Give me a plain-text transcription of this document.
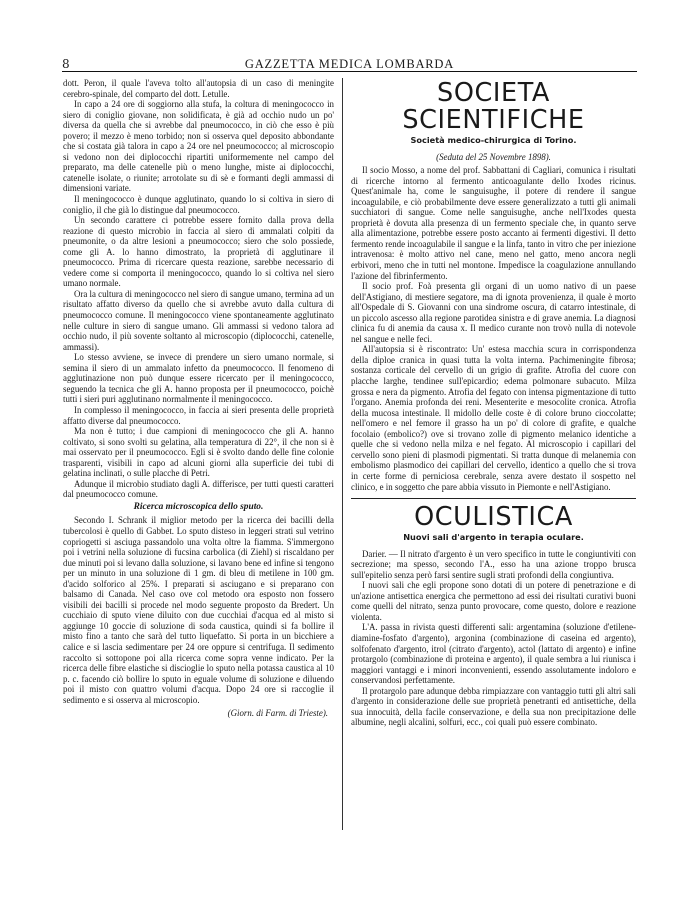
8	GAZZETTA MEDICA LOMBARDA

dott. Peron, il quale l'aveva tolto all'autopsia di un caso di meningite cerebro-spinale, del comparto del dott. Letulle.

In capo a 24 ore di soggiorno alla stufa, la coltura di meningococco in siero di coniglio giovane, non solidificata, è già ad occhio nudo un po' diversa da quella che si avrebbe dal pneumococco, in ciò che esso è più povero; il mezzo è meno torbido; non si osserva quel deposito abbondante che si costata già talora in capo a 24 ore nel pneumococco; al microscopio si vedono non dei diplococchi ripartiti uniformemente nel campo del preparato, ma delle catenelle più o meno lunghe, miste ai diplococchi, catenelle isolate, o riunite; arrotolate su di sè e formanti degli ammassi di dimensioni variate.

Il meningococco è dunque agglutinato, quando lo si coltiva in siero di coniglio, il che già lo distingue dal pneumococco.

Un secondo carattere ci potrebbe essere fornito dalla prova della reazione di questo microbio in faccia al siero di ammalati colpiti da pneumonite, o da altre lesioni a pneumococco; siero che solo possiede, come gli A. lo hanno dimostrato, la proprietà di agglutinare il pneumococco. Prima di ricercare questa reazione, sarebbe necessario di vedere come si comporta il meningococco, quando lo si coltiva nel siero umano normale.

Ora la cultura di meningococco nel siero di sangue umano, termina ad un risultato affatto diverso da quello che si avrebbe avuto dalla cultura di pneumococco comune. Il meningococco viene spontaneamente agglutinato nelle culture in siero di sangue umano. Gli ammassi si vedono talora ad occhio nudo, il più sovente soltanto al microscopio (diplococchi, catenelle, ammassi).

Lo stesso avviene, se invece di prendere un siero umano normale, si semina il siero di un ammalato infetto da pneumococco. Il fenomeno di agglutinazione non può dunque essere ricercato per il meningococco, seguendo la tecnica che gli A. hanno proposta per il pneumococco, poichè tutti i sieri puri agglutinano normalmente il meningococco.

In complesso il meningococco, in faccia ai sieri presenta delle proprietà affatto diverse dal pneumococco.

Ma non è tutto; i due campioni di meningococco che gli A. hanno coltivato, si sono svolti su gelatina, alla temperatura di 22°, il che non si è mai osservato per il pneumococco. Egli si è svolto dando delle fine colonie trasparenti, visibili in capo ad alcuni giorni alla superficie dei tubi di gelatina inclinati, o sulle placche di Petri.

Adunque il microbio studiato dagli A. differisce, per tutti questi caratteri dal pneumococco comune.

Ricerca microscopica dello sputo.

Secondo I. Schrank il miglior metodo per la ricerca dei bacilli della tubercolosi è quello di Gabbet. Lo sputo disteso in leggeri strati sul vetrino copriogetti si asciuga passandolo una volta oltre la fiamma. S'immergono poi i vetrini nella soluzione di fucsina carbolica (di Ziehl) si riscaldano per due minuti poi si levano dalla soluzione, si lavano bene ed infine si tengono per un minuto in una soluzione di 1 gm. di bleu di metilene in 100 gm. d'acido solforico al 25%. I preparati si asciugano e si preparano con balsamo di Canada. Nel caso ove col metodo ora esposto non fossero visibili dei bacilli si procede nel modo seguente proposto da Bredert. Un cucchiaio di sputo viene diluito con due cucchiai d'acqua ed al misto si aggiunge 10 goccie di soluzione di soda caustica, quindi si fa bollire il misto fino a tanto che sarà del tutto liquefatto. Si porta in un bicchiere a calice e si lascia sedimentare per 24 ore oppure si centrifuga. Il sedimento raccolto si sottopone poi alla ricerca come sopra venne indicato. Per la ricerca delle fibre elastiche si discioglie lo sputo nella potassa caustica al 10 p. c. facendo ciò bollire lo sputo in eguale volume di soluzione e diluendo poi il misto con quattro volumi d'acqua. Dopo 24 ore si raccoglie il sedimento e si osserva al microscopio.

(Giorn. di Farm. di Trieste).
SOCIETA SCIENTIFICHE
Società medico-chirurgica di Torino.
(Seduta del 25 Novembre 1898).

Il socio Mosso, a nome del prof. Sabbattani di Cagliari, comunica i risultati di ricerche intorno al fermento anticoagulante dello Ixodes ricinus. Quest'animale ha, come le sanguisughe, il potere di rendere il sangue incoagulabile, e ciò probabilmente deve essere generalizzato a tutti gli animali succhiatori di sangue. Come nelle sanguisughe, anche nell'Ixodes questa proprietà è dovuta alla presenza di un fermento speciale che, in quanto serve alla alimentazione, potrebbe essere posto accanto ai fermenti digestivi. Il detto fermento rende incoagulabile il sangue e la linfa, tanto in vitro che per iniezione intravenosa: è molto attivo nel cane, meno nel gatto, meno ancora negli erbivori, meno che in tutti nel montone. Impedisce la coagulazione annullando l'azione del fibrinfermento.

Il socio prof. Foà presenta gli organi di un uomo nativo di un paese dell'Astigiano, di mestiere segatore, ma di ignota provenienza, il quale è morto all'Ospedale di S. Giovanni con una sindrome oscura, di catarro intestinale, di un piccolo ascesso alla regione parotidea sinistra e di grave anemia. La diagnosi clinica fu di anemia da causa x. Il medico curante non trovò nulla di notevole nel sangue e nelle feci.

All'autopsia si è riscontrato: Un' estesa macchia scura in corrispondenza della diploe cranica in quasi tutta la volta interna. Pachimeningite fibrosa; sostanza corticale del cervello di un grigio di grafite. Atrofia del cuore con placche larghe, tendinee sull'epicardio; edema polmonare subacuto. Milza grossa e nera da pigmento. Atrofia del fegato con intensa pigmentazione di tutto l'organo. Anemia profonda dei reni. Mesenterite e mesocolite cronica. Atrofia della mucosa intestinale. Il midollo delle coste è di colore bruno cioccolatte; nell'omero e nel femore il grasso ha un po' di colore di grafite, e qualche focolaio (embolico?) ove si trovano zolle di pigmento melanico identiche a quelle che si vedono nella milza e nel fegato. Al microscopio i capillari del cervello sono pieni di plasmodi pigmentati. Si tratta dunque di melanemia con embolismo plasmodico dei capillari del cervello, identico a quello che si trova in certe forme di perniciosa cerebrale, senza avere destato il sospetto nel clinico, e in soggetto che pare abbia vissuto in Piemonte e nell'Astigiano.

OCULISTICA
Nuovi sali d'argento in terapia oculare.

Darier. — Il nitrato d'argento è un vero specifico in tutte le congiuntiviti con secrezione; ma spesso, secondo l'A., esso ha una azione troppo brusca sull'epitelio senza però farsi sentire sugli strati profondi della congiuntiva.

I nuovi sali che egli propone sono dotati di un potere di penetrazione e di un'azione antisettica energica che permettono ad essi dei risultati curativi buoni come quelli del nitrato, senza punto provocare, come questo, dolore e reazione violenta.

L'A. passa in rivista questi differenti sali: argentamina (soluzione d'etilene-diamine-fosfato d'argento), argonina (combinazione di caseina ed argento), solfofenato d'argento, itrol (citrato d'argento), actol (lattato di argento) e infine protargolo (combinazione di proteina e argento), il quale sembra a lui riunisca i maggiori vantaggi e i minori inconvenienti, essendo assolutamente indoloro e conservandosi perfettamente.

Il protargolo pare adunque debba rimpiazzare con vantaggio tutti gli altri sali d'argento in considerazione delle sue proprietà penetranti ed antisettiche, della sua innocuità, della facile conservazione, e della sua non precipitazione delle albumine, negli alcalini, solfuri, ecc., coi quali può essere combinato.
